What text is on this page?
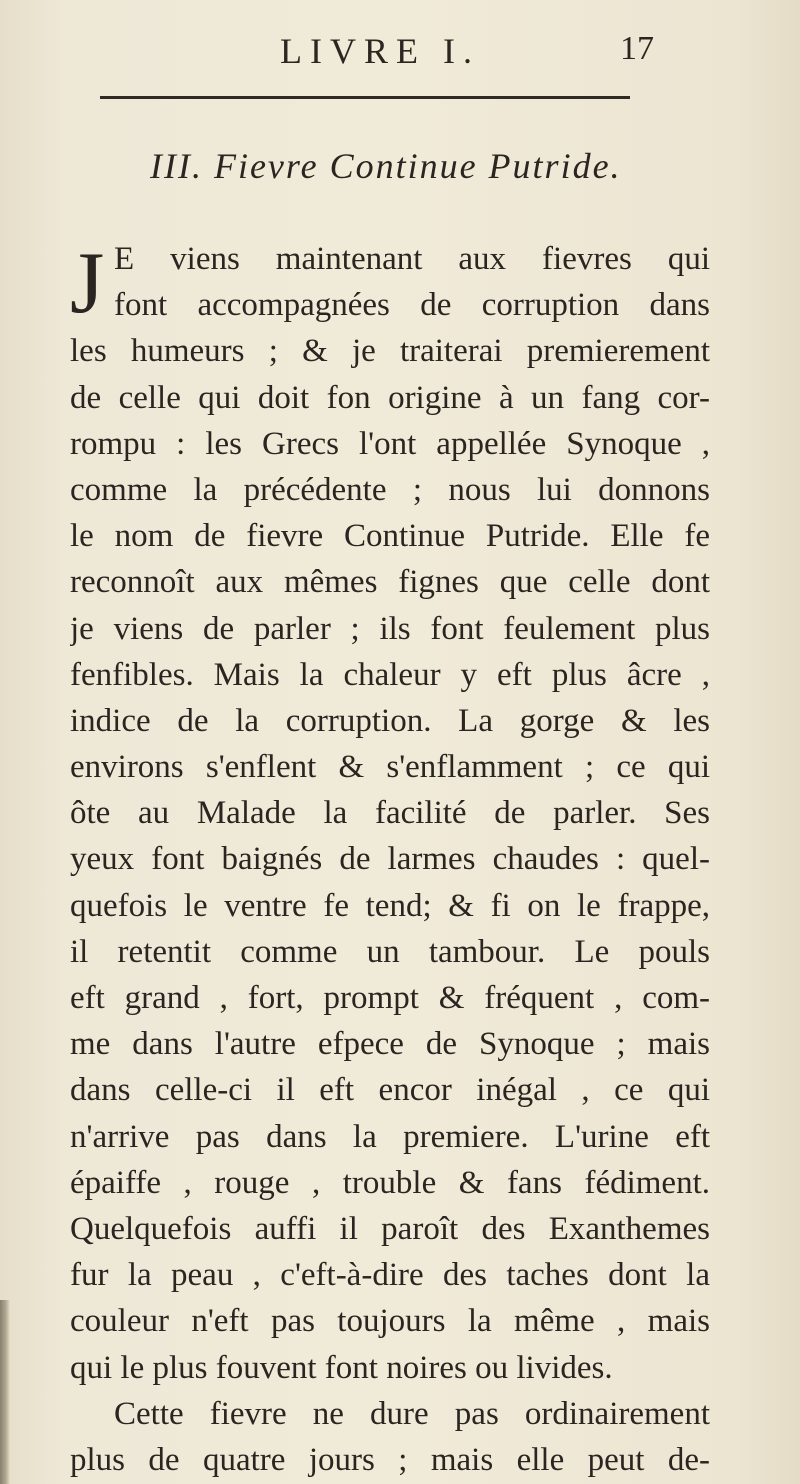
LIVRE I.	17
III. Fievre Continue Putride.
J E viens maintenant aux fievres qui
font accompagnées de corruption dans
les humeurs ; & je traiterai premierement
de celle qui doit fon origine à un fang cor-
rompu : les Grecs l'ont appellée Synoque ,
comme la précédente ; nous lui donnons
le nom de fievre Continue Putride. Elle fe
reconnoît aux mêmes fignes que celle dont
je viens de parler ; ils font feulement plus
fenfibles. Mais la chaleur y eft plus âcre ,
indice de la corruption. La gorge & les
environs s'enflent & s'enflamment ; ce qui
ôte au Malade la facilité de parler. Ses
yeux font baignés de larmes chaudes : quel-
quefois le ventre fe tend; & fi on le frappe,
il retentit comme un tambour. Le pouls
eft grand , fort, prompt & fréquent , com-
me dans l'autre efpece de Synoque ; mais
dans celle-ci il eft encor inégal , ce qui
n'arrive pas dans la premiere. L'urine eft
épaiffe , rouge , trouble & fans fédiment.
Quelquefois auffi il paroît des Exanthemes
fur la peau , c'eft-à-dire des taches dont la
couleur n'eft pas toujours la même , mais
qui le plus fouvent font noires ou livides.
Cette fievre ne dure pas ordinairement
plus de quatre jours ; mais elle peut de-
